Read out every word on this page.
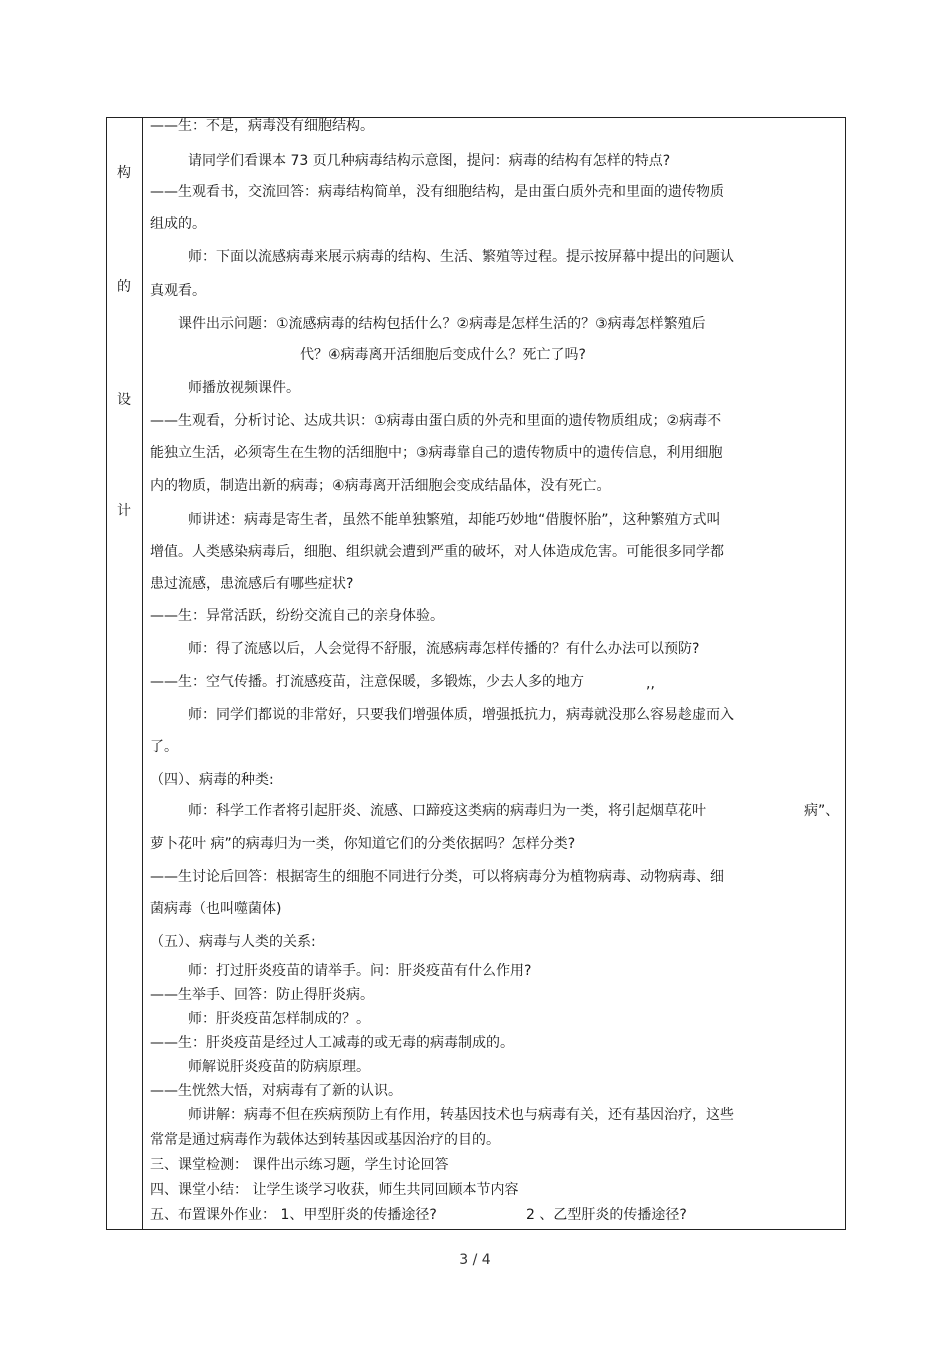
构
的
设
计
——生：不是，病毒没有细胞结构。
请同学们看课本 73 页几种病毒结构示意图，提问：病毒的结构有怎样的特点?
——生观看书，交流回答：病毒结构简单，没有细胞结构，是由蛋白质外壳和里面的遗传物质
组成的。
师：下面以流感病毒来展示病毒的结构、生活、繁殖等过程。提示按屏幕中提出的问题认
真观看。
课件出示问题：①流感病毒的结构包括什么？②病毒是怎样生活的？③病毒怎样繁殖后
代？④病毒离开活细胞后变成什么？死亡了吗?
师播放视频课件。
——生观看，分析讨论、达成共识：①病毒由蛋白质的外壳和里面的遗传物质组成；②病毒不
能独立生活，必须寄生在生物的活细胞中；③病毒靠自己的遗传物质中的遗传信息，利用细胞
内的物质，制造出新的病毒；④病毒离开活细胞会变成结晶体，没有死亡。
师讲述：病毒是寄生者，虽然不能单独繁殖，却能巧妙地“借腹怀胎”，这种繁殖方式叫
增值。人类感染病毒后，细胞、组织就会遭到严重的破坏，对人体造成危害。可能很多同学都
患过流感，患流感后有哪些症状?
——生：异常活跃，纷纷交流自己的亲身体验。
师：得了流感以后，人会觉得不舒服，流感病毒怎样传播的？有什么办法可以预防?
——生：空气传播。打流感疫苗，注意保暖，多锻炼，少去人多的地方	,,
师：同学们都说的非常好，只要我们增强体质，增强抵抗力，病毒就没那么容易趁虚而入
了。
（四）、病毒的种类:
师：科学工作者将引起肝炎、流感、口蹄疫这类病的病毒归为一类，将引起烟草花叶	病”、
萝卜花叶 病”的病毒归为一类，你知道它们的分类依据吗？怎样分类?
——生讨论后回答：根据寄生的细胞不同进行分类，可以将病毒分为植物病毒、动物病毒、细
菌病毒（也叫噬菌体)
（五）、病毒与人类的关系:
师：打过肝炎疫苗的请举手。问：肝炎疫苗有什么作用?
——生举手、回答：防止得肝炎病。
师：肝炎疫苗怎样制成的？。
——生：肝炎疫苗是经过人工减毒的或无毒的病毒制成的。
师解说肝炎疫苗的防病原理。
——生恍然大悟，对病毒有了新的认识。
师讲解：病毒不但在疾病预防上有作用，转基因技术也与病毒有关，还有基因治疗，这些
常常是通过病毒作为载体达到转基因或基因治疗的目的。
三、课堂检测： 课件出示练习题，学生讨论回答
四、课堂小结： 让学生谈学习收获，师生共同回顾本节内容
五、布置课外作业： 1、甲型肝炎的传播途径?	2 、乙型肝炎的传播途径?
3 / 4
